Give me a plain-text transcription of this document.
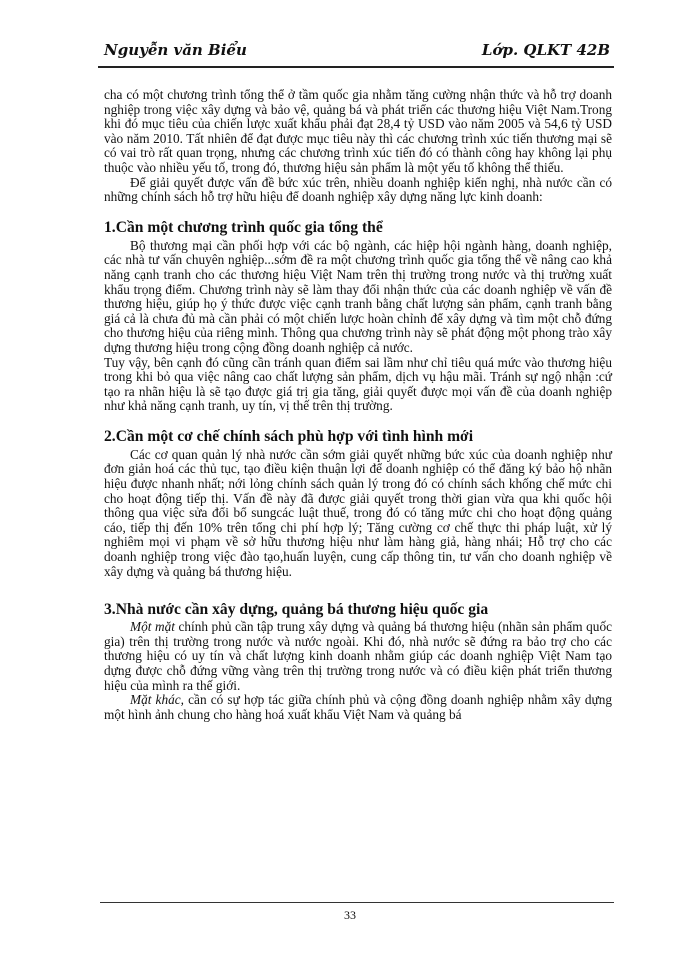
Nguyễn văn Biểu	Lớp. QLKT 42B

cha có một chương trình tổng thể ở tầm quốc gia nhằm tăng cường nhận thức và hỗ trợ doanh nghiệp trong việc xây dựng và bảo vệ, quảng bá và phát triển các thương hiệu Việt Nam.Trong khi đó mục tiêu của chiến lược xuất khẩu phải đạt 28,4 tỷ USD vào năm 2005 và 54,6 tỷ USD vào năm 2010. Tất nhiên để đạt được mục tiêu này thì các chương trình xúc tiến thương mại sẽ có vai trò rất quan trọng, nhưng các chương trình xúc tiến đó có thành công hay không lại phụ thuộc vào nhiều yếu tố, trong đó, thương hiệu sản phẩm là một yếu tố không thể thiếu.

Để giải quyết được vấn đề bức xúc trên, nhiều doanh nghiệp kiến nghị, nhà nước cần có những chính sách hỗ trợ hữu hiệu để doanh nghiệp xây dựng năng lực kinh doanh:

1.Cần một chương trình quốc gia tổng thể

Bộ thương mại cần phối hợp với các bộ ngành, các hiệp hội ngành hàng, doanh nghiệp, các nhà tư vấn chuyên nghiệp...sớm đề ra một chương trình quốc gia tổng thể về nâng cao khả năng cạnh tranh cho các thương hiệu Việt Nam trên thị trường trong nước và thị trường xuất khẩu trọng điểm. Chương trình này sẽ làm thay đổi nhận thức của các doanh nghiệp về vấn đề thương hiệu, giúp họ ý thức được việc cạnh tranh bằng chất lượng sản phẩm, cạnh tranh bằng giá cả là chưa đủ mà cần phải có một chiến lược hoàn chỉnh để xây dựng và tìm một chỗ đứng cho thương hiệu của riêng mình. Thông qua chương trình này sẽ phát động một phong trào xây dựng thương hiệu trong cộng đồng doanh nghiệp cả nước.

Tuy vậy, bên cạnh đó cũng cần tránh quan điểm sai lầm như chỉ tiêu quá mức vào thương hiệu trong khi bỏ qua việc nâng cao chất lượng sản phẩm, dịch vụ hậu mãi. Tránh sự ngộ nhận :cứ tạo ra nhãn hiệu là sẽ tạo được giá trị gia tăng, giải quyết được mọi vấn đề của doanh nghiệp như khả năng cạnh tranh, uy tín, vị thế trên thị trường.

2.Cần một cơ chế chính sách phù hợp với tình hình mới

Các cơ quan quản lý nhà nước cần sớm giải quyết những bức xúc của doanh nghiệp như đơn giản hoá các thủ tục, tạo điều kiện thuận lợi để doanh nghiệp có thể đăng ký bảo hộ nhãn hiệu được nhanh nhất; nới lỏng chính sách quản lý trong đó có chính sách khống chế mức chi cho hoạt động tiếp thị. Vấn đề này đã được giải quyết trong thời gian vừa qua khi quốc hội thông qua việc sửa đổi bổ sungcác luật thuế, trong đó có tăng mức chi cho hoạt động quảng cáo, tiếp thị đến 10% trên tổng chi phí hợp lý; Tăng cường cơ chế thực thi pháp luật, xử lý nghiêm mọi vi phạm về sở hữu thương hiệu như làm hàng giả, hàng nhái; Hỗ trợ cho các doanh nghiệp trong việc đào tạo,huấn luyện, cung cấp thông tin, tư vấn cho doanh nghiệp về xây dựng và quảng bá thương hiệu.

3.Nhà nước cần xây dựng, quảng bá thương hiệu quốc gia

Một mặt chính phủ cần tập trung xây dựng và quảng bá thương hiệu (nhãn sản phẩm quốc gia) trên thị trường trong nước và nước ngoài. Khi đó, nhà nước sẽ đứng ra bảo trợ cho các thương hiệu có uy tín và chất lượng kinh doanh nhằm giúp các doanh nghiệp Việt Nam tạo dựng được chỗ đứng vững vàng trên thị trường trong nước và có điều kiện phát triển thương hiệu của mình ra thế giới.

Mặt khác, cần có sự hợp tác giữa chính phủ và cộng đồng doanh nghiệp nhằm xây dựng một hình ảnh chung cho hàng hoá xuất khẩu Việt Nam và quảng bá

33
